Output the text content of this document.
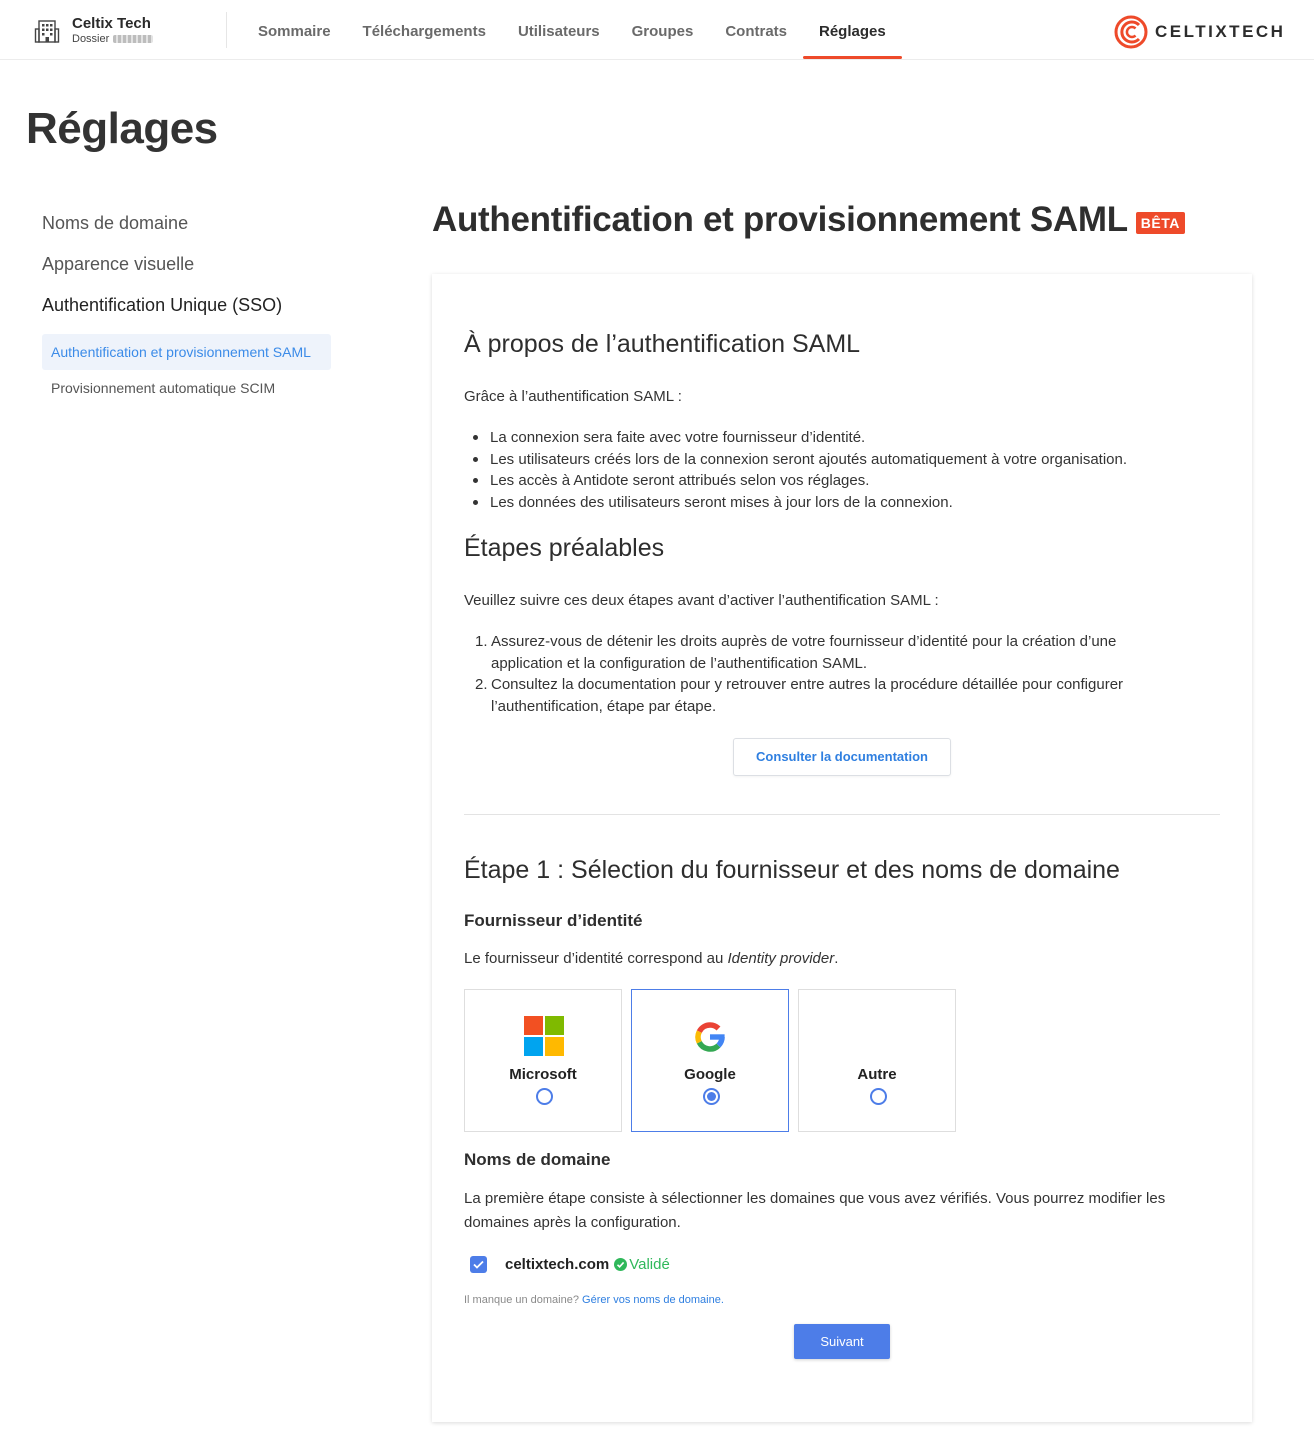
Celtix Tech
Dossier	Sommaire	Téléchargements	Utilisateurs	Groupes	Contrats	Réglages	CELTIXTECH
Réglages
Noms de domaine
Apparence visuelle
Authentification Unique (SSO)
Authentification et provisionnement SAML
Provisionnement automatique SCIM
Authentification et provisionnement SAML BÊTA
À propos de l’authentification SAML
Grâce à l’authentification SAML :
La connexion sera faite avec votre fournisseur d’identité.
Les utilisateurs créés lors de la connexion seront ajoutés automatiquement à votre organisation.
Les accès à Antidote seront attribués selon vos réglages.
Les données des utilisateurs seront mises à jour lors de la connexion.
Étapes préalables
Veuillez suivre ces deux étapes avant d’activer l’authentification SAML :
1. Assurez-vous de détenir les droits auprès de votre fournisseur d’identité pour la création d’une
application et la configuration de l’authentification SAML.
2. Consultez la documentation pour y retrouver entre autres la procédure détaillée pour configurer
l’authentification, étape par étape.
Consulter la documentation
Étape 1 : Sélection du fournisseur et des noms de domaine
Fournisseur d’identité
Le fournisseur d’identité correspond au Identity provider.
Microsoft	Google	Autre
Noms de domaine
La première étape consiste à sélectionner les domaines que vous avez vérifiés. Vous pourrez modifier les
domaines après la configuration.
celtixtech.com Validé
Il manque un domaine? Gérer vos noms de domaine.
Suivant
